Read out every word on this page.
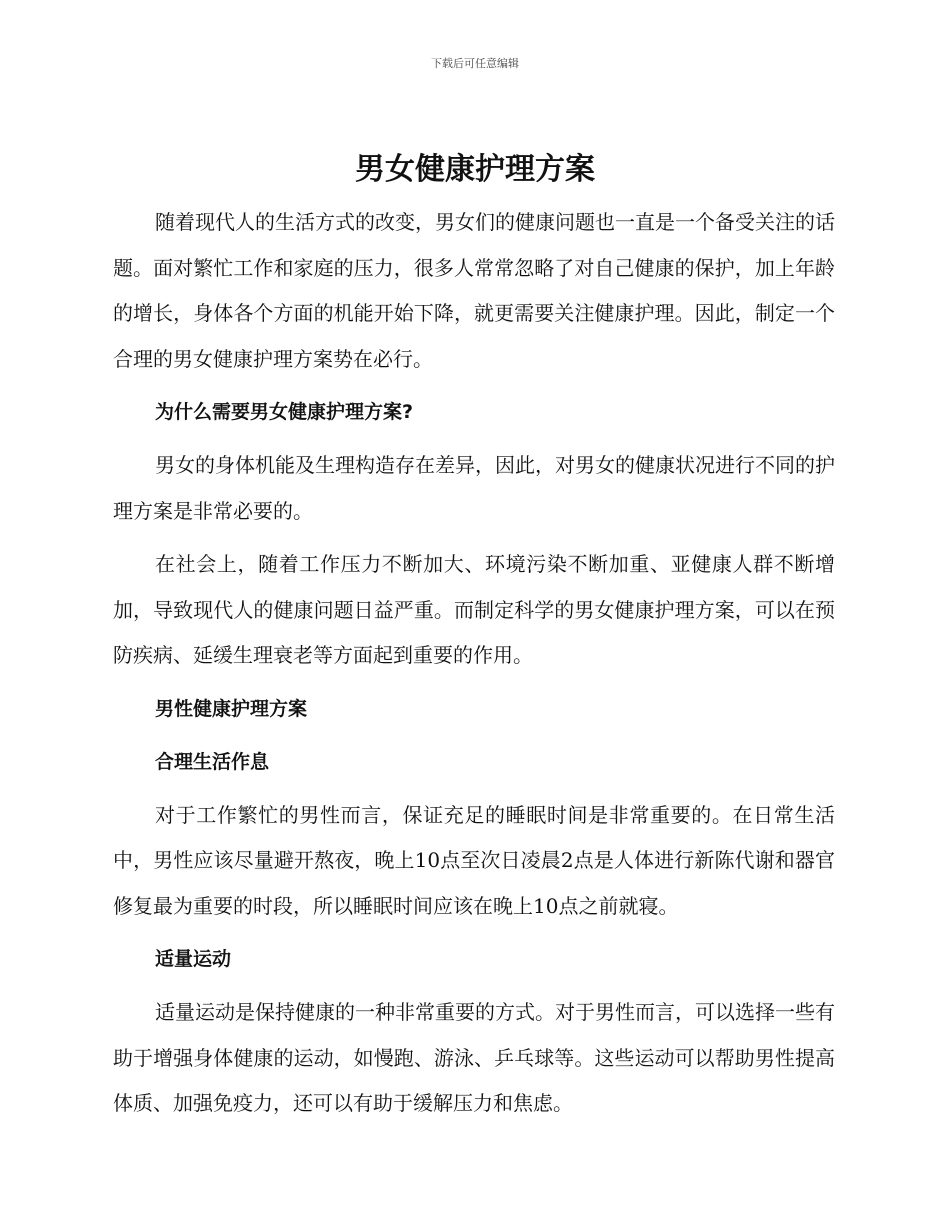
下载后可任意编辑
男女健康护理方案

随着现代人的生活方式的改变，男女们的健康问题也一直是一个备受关注的话题。面对繁忙工作和家庭的压力，很多人常常忽略了对自己健康的保护，加上年龄的增长，身体各个方面的机能开始下降，就更需要关注健康护理。因此，制定一个合理的男女健康护理方案势在必行。

为什么需要男女健康护理方案?

男女的身体机能及生理构造存在差异，因此，对男女的健康状况进行不同的护理方案是非常必要的。

在社会上，随着工作压力不断加大、环境污染不断加重、亚健康人群不断增加，导致现代人的健康问题日益严重。而制定科学的男女健康护理方案，可以在预防疾病、延缓生理衰老等方面起到重要的作用。

男性健康护理方案
合理生活作息

对于工作繁忙的男性而言，保证充足的睡眠时间是非常重要的。在日常生活中，男性应该尽量避开熬夜，晚上10点至次日凌晨2点是人体进行新陈代谢和器官修复最为重要的时段，所以睡眠时间应该在晚上10点之前就寝。

适量运动

适量运动是保持健康的一种非常重要的方式。对于男性而言，可以选择一些有助于增强身体健康的运动，如慢跑、游泳、乒乓球等。这些运动可以帮助男性提高体质、加强免疫力，还可以有助于缓解压力和焦虑。
